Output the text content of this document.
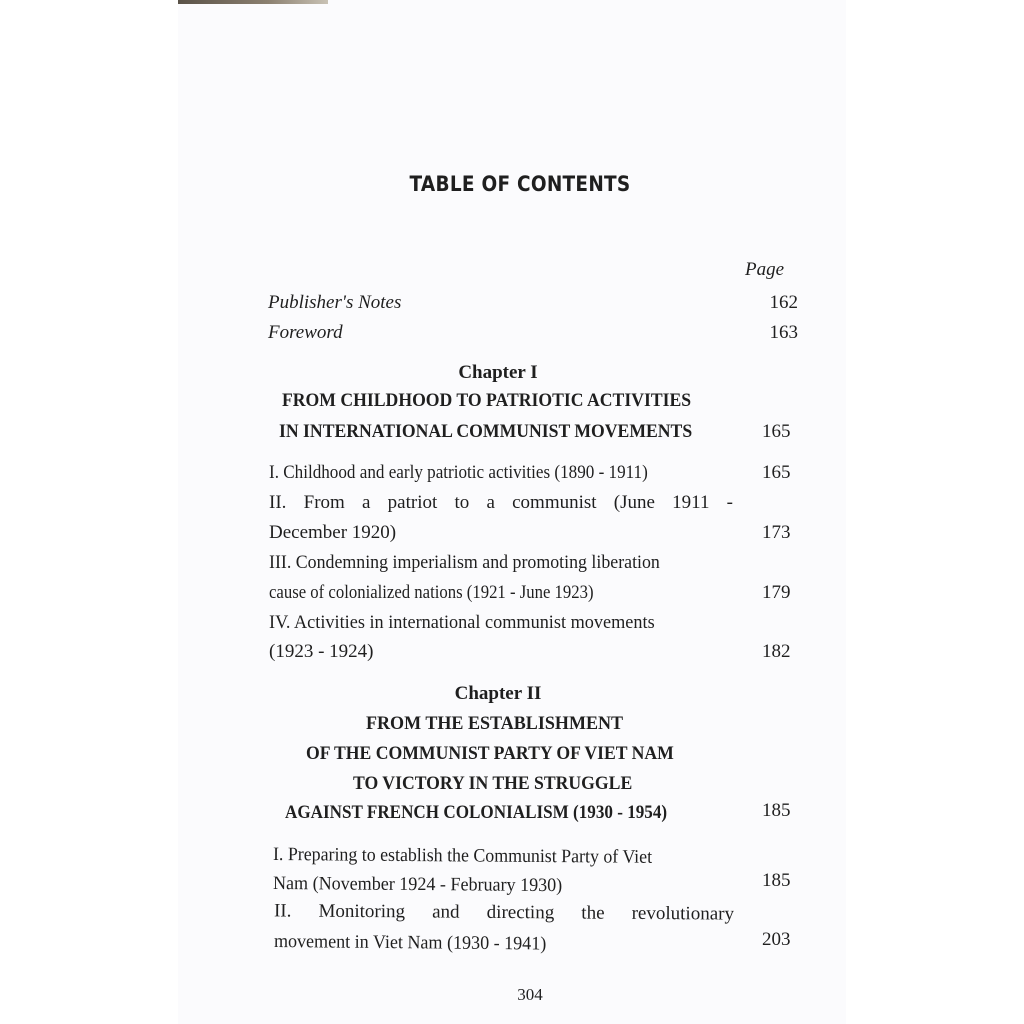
TABLE OF CONTENTS
Page
Publisher's Notes	162
Foreword	163
Chapter I
FROM CHILDHOOD TO PATRIOTIC ACTIVITIES
IN INTERNATIONAL COMMUNIST MOVEMENTS	165
I. Childhood and early patriotic activities (1890 - 1911)	165
II. From a patriot to a communist (June 1911 -
December 1920)	173
III. Condemning imperialism and promoting liberation
cause of colonialized nations (1921 - June 1923)	179
IV. Activities in international communist movements
(1923 - 1924)	182
Chapter II
FROM THE ESTABLISHMENT
OF THE COMMUNIST PARTY OF VIET NAM
TO VICTORY IN THE STRUGGLE
AGAINST FRENCH COLONIALISM (1930 - 1954)	185
I. Preparing to establish the Communist Party of Viet
Nam (November 1924 - February 1930)	185
II. Monitoring and directing the revolutionary
movement in Viet Nam (1930 - 1941)	203
304
